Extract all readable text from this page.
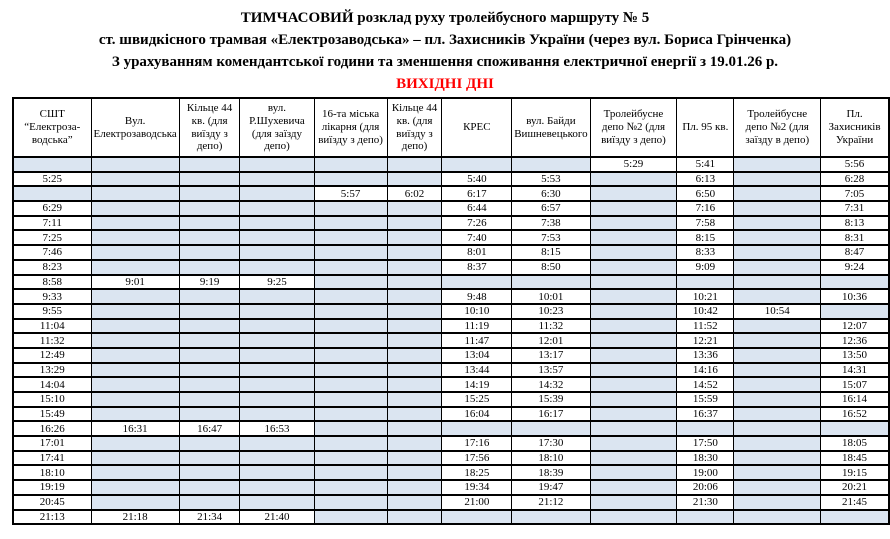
ТИМЧАСОВИЙ розклад руху тролейбусного маршруту № 5
ст. швидкісного трамвая «Електрозаводська» – пл. Захисників України (через вул. Бориса Грінченка)
З урахуванням комендантської години та зменшення споживання електричної енергії з 19.01.26 р.
ВИХІДНІ ДНІ
СШТ “Електроза-водська”	Вул. Електрозаводська	Кільце 44 кв. (для виїзду з депо)	вул. Р.Шухевича (для заїзду депо)	16-та міська лікарня (для виїзду з депо)	Кільце 44 кв. (для виїзду з депо)	КРЕС	вул. Байди Вишневецького	Тролейбусне депо №2 (для виїзду з депо)	Пл. 95 кв.	Тролейбусне депо №2 (для заїзду в депо)	Пл. Захисників України
								5:29	5:41		5:56
5:25						5:40	5:53		6:13		6:28
				5:57	6:02	6:17	6:30		6:50		7:05
6:29						6:44	6:57		7:16		7:31
7:11						7:26	7:38		7:58		8:13
7:25						7:40	7:53		8:15		8:31
7:46						8:01	8:15		8:33		8:47
8:23						8:37	8:50		9:09		9:24
8:58	9:01	9:19	9:25								
9:33						9:48	10:01		10:21		10:36
9:55						10:10	10:23		10:42	10:54	
11:04						11:19	11:32		11:52		12:07
11:32						11:47	12:01		12:21		12:36
12:49						13:04	13:17		13:36		13:50
13:29						13:44	13:57		14:16		14:31
14:04						14:19	14:32		14:52		15:07
15:10						15:25	15:39		15:59		16:14
15:49						16:04	16:17		16:37		16:52
16:26	16:31	16:47	16:53								
17:01						17:16	17:30		17:50		18:05
17:41						17:56	18:10		18:30		18:45
18:10						18:25	18:39		19:00		19:15
19:19						19:34	19:47		20:06		20:21
20:45						21:00	21:12		21:30		21:45
21:13	21:18	21:34	21:40								
